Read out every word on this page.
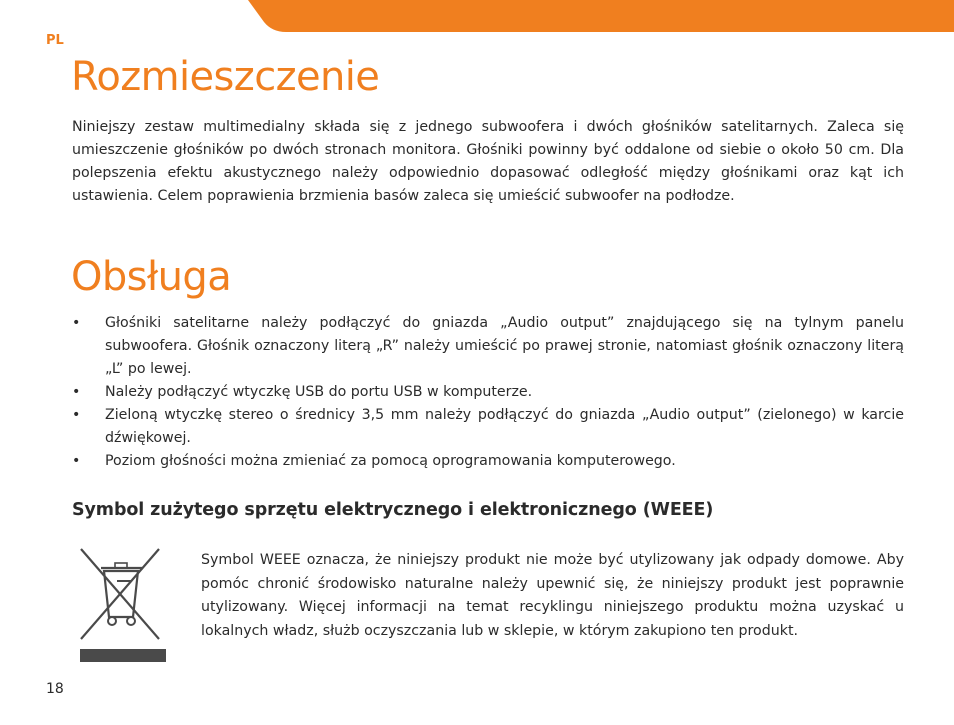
PL
Rozmieszczenie

Niniejszy zestaw multimedialny składa się z jednego subwoofera i dwóch głośników satelitarnych. Zaleca się umieszczenie głośników po dwóch stronach monitora. Głośniki powinny być oddalone od siebie o około 50 cm. Dla polepszenia efektu akustycznego należy odpowiednio dopasować odległość między głośnikami oraz kąt ich ustawienia. Celem poprawienia brzmienia basów zaleca się umieścić subwoofer na podłodze.

Obsługa
• Głośniki satelitarne należy podłączyć do gniazda „Audio output” znajdującego się na tylnym panelu subwoofera. Głośnik oznaczony literą „R” należy umieścić po prawej stronie, natomiast głośnik oznaczony literą „L” po lewej.
• Należy podłączyć wtyczkę USB do portu USB w komputerze.
• Zieloną wtyczkę stereo o średnicy 3,5 mm należy podłączyć do gniazda „Audio output” (zielonego) w karcie dźwiękowej.
• Poziom głośności można zmieniać za pomocą oprogramowania komputerowego.
Symbol zużytego sprzętu elektrycznego i elektronicznego (WEEE)

Symbol WEEE oznacza, że niniejszy produkt nie może być utylizowany jak odpady domowe. Aby pomóc chronić środowisko naturalne należy upewnić się, że niniejszy produkt jest poprawnie utylizowany. Więcej informacji na temat recyklingu niniejszego produktu można uzyskać u lokalnych władz, służb oczyszczania lub w sklepie, w którym zakupiono ten produkt.

18
